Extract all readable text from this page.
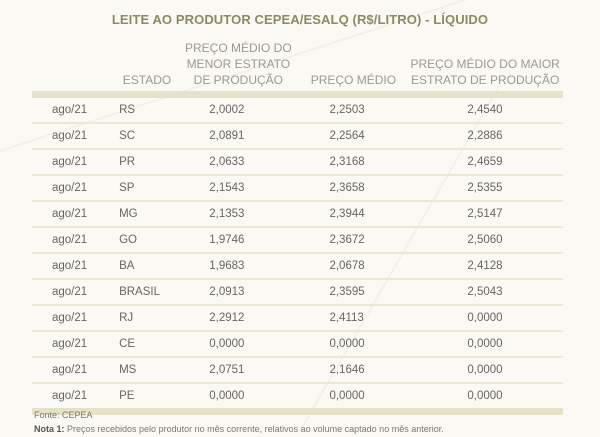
LEITE AO PRODUTOR CEPEA/ESALQ (R$/LITRO) - LÍQUIDO
	ESTADO	PREÇO MÉDIO DO MENOR ESTRATO DE PRODUÇÃO	PREÇO MÉDIO	PREÇO MÉDIO DO MAIOR ESTRATO DE PRODUÇÃO
ago/21	RS	2,0002	2,2503	2,4540
ago/21	SC	2,0891	2,2564	2,2886
ago/21	PR	2,0633	2,3168	2,4659
ago/21	SP	2,1543	2,3658	2,5355
ago/21	MG	2,1353	2,3944	2,5147
ago/21	GO	1,9746	2,3672	2,5060
ago/21	BA	1,9683	2,0678	2,4128
ago/21	BRASIL	2,0913	2,3595	2,5043
ago/21	RJ	2,2912	2,4113	0,0000
ago/21	CE	0,0000	0,0000	0,0000
ago/21	MS	2,0751	2,1646	0,0000
ago/21	PE	0,0000	0,0000	0,0000
Fonte: CEPEA
Nota 1: Preços recebidos pelo produtor no mês corrente, relativos ao volume captado no mês anterior.
